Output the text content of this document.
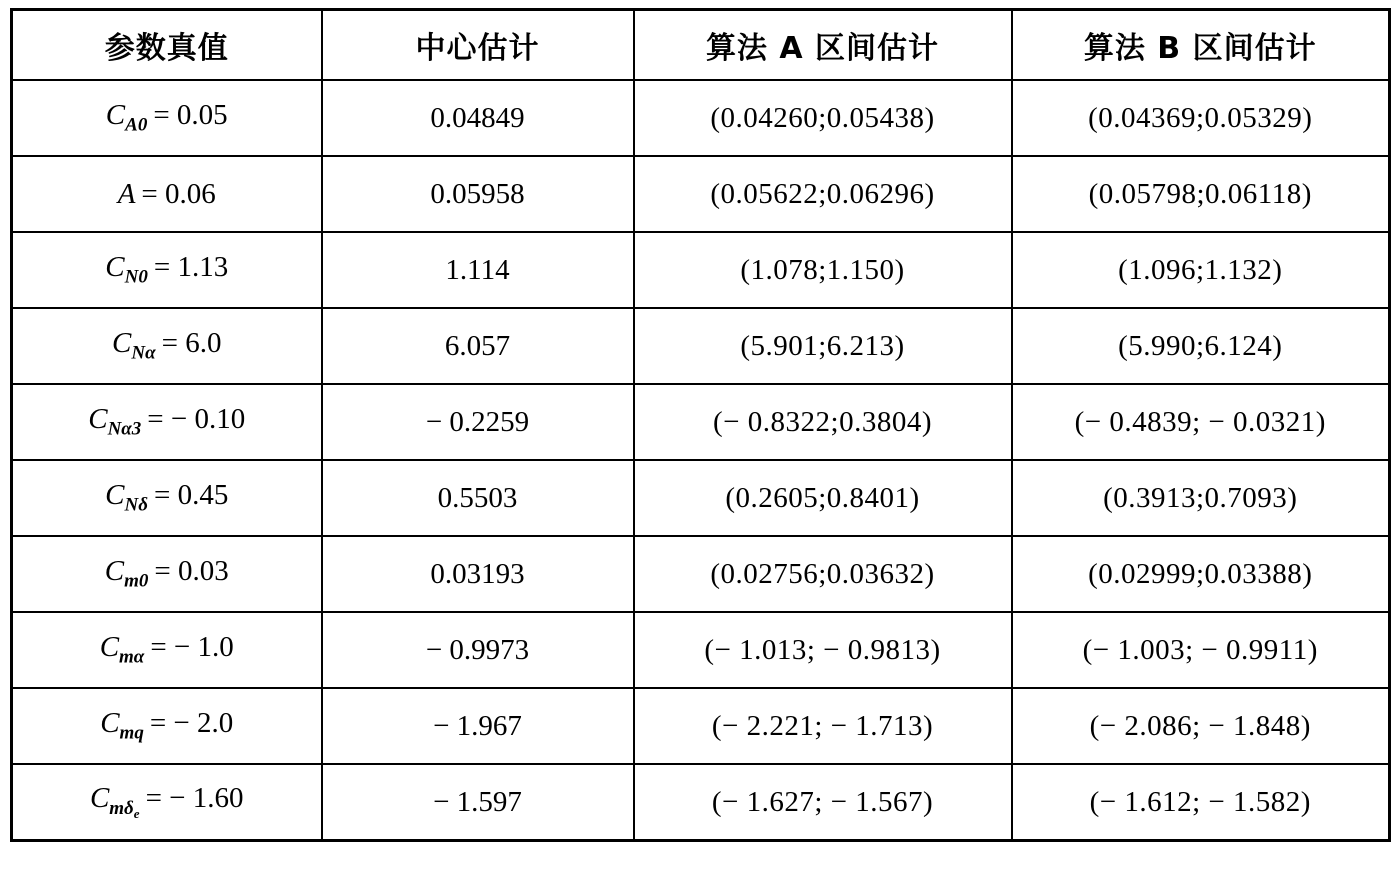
参数真值	中心估计	算法 A 区间估计	算法 B 区间估计
$C_{A0} = 0.05$	0.04849	(0.04260;0.05438)	(0.04369;0.05329)
A = 0.06	0.05958	(0.05622;0.06296)	(0.05798;0.06118)
$C_{N0} = 1.13$	1.114	(1.078;1.150)	(1.096;1.132)
$C_{N\alpha} = 6.0$	6.057	(5.901;6.213)	(5.990;6.124)
$C_{N\alpha 3}$ = − 0.10	− 0.2259	(− 0.8322;0.3804)	(− 0.4839; − 0.0321)
$C_{N\delta} = 0.45$	0.5503	(0.2605;0.8401)	(0.3913;0.7093)
$C_{m0} = 0.03$	0.03193	(0.02756;0.03632)	(0.02999;0.03388)
$C_{m\alpha}$ = − 1.0	− 0.9973	(− 1.013; − 0.9813)	(− 1.003; − 0.9911)
$C_{mq}$ = − 2.0	− 1.967	(− 2.221; − 1.713)	(− 2.086; − 1.848)
$C_{m\delta_e}$ = − 1.60	− 1.597	(− 1.627; − 1.567)	(− 1.612; − 1.582)
